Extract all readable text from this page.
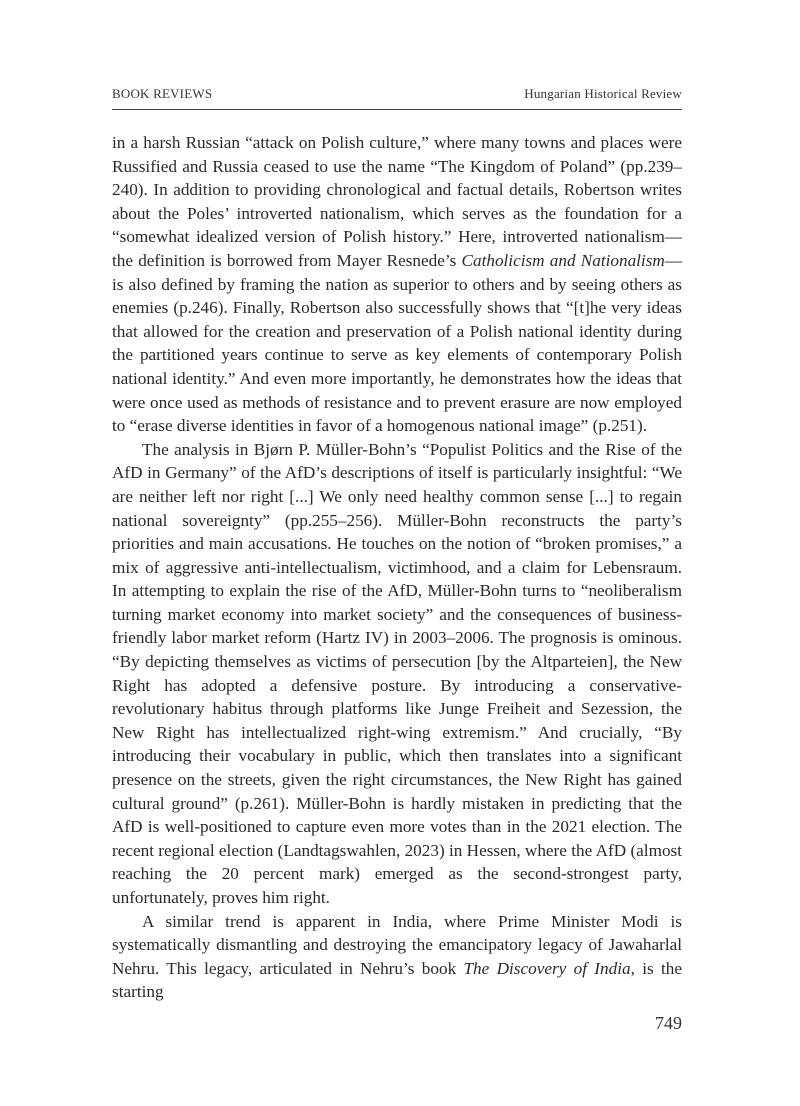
BOOK REVIEWS	Hungarian Historical Review

in a harsh Russian “attack on Polish culture,” where many towns and places were Russified and Russia ceased to use the name “The Kingdom of Poland” (pp.239–240). In addition to providing chronological and factual details, Robertson writes about the Poles’ introverted nationalism, which serves as the foundation for a “somewhat idealized version of Polish history.” Here, introverted nationalism—the definition is borrowed from Mayer Resnede’s Catholicism and Nationalism—is also defined by framing the nation as superior to others and by seeing others as enemies (p.246). Finally, Robertson also successfully shows that “[t]he very ideas that allowed for the creation and preservation of a Polish national identity during the partitioned years continue to serve as key elements of contemporary Polish national identity.” And even more importantly, he demonstrates how the ideas that were once used as methods of resistance and to prevent erasure are now employed to “erase diverse identities in favor of a homogenous national image” (p.251).

The analysis in Bjørn P. Müller-Bohn’s “Populist Politics and the Rise of the AfD in Germany” of the AfD’s descriptions of itself is particularly insightful: “We are neither left nor right [...] We only need healthy common sense [...] to regain national sovereignty” (pp.255–256). Müller-Bohn reconstructs the party’s priorities and main accusations. He touches on the notion of “broken promises,” a mix of aggressive anti-intellectualism, victimhood, and a claim for Lebensraum. In attempting to explain the rise of the AfD, Müller-Bohn turns to “neoliberalism turning market economy into market society” and the consequences of business-friendly labor market reform (Hartz IV) in 2003–2006. The prognosis is ominous. “By depicting themselves as victims of persecution [by the Altparteien], the New Right has adopted a defensive posture. By introducing a conservative-revolutionary habitus through platforms like Junge Freiheit and Sezession, the New Right has intellectualized right-wing extremism.” And crucially, “By introducing their vocabulary in public, which then translates into a significant presence on the streets, given the right circumstances, the New Right has gained cultural ground” (p.261). Müller-Bohn is hardly mistaken in predicting that the AfD is well-positioned to capture even more votes than in the 2021 election. The recent regional election (Landtagswahlen, 2023) in Hessen, where the AfD (almost reaching the 20 percent mark) emerged as the second-strongest party, unfortunately, proves him right.

A similar trend is apparent in India, where Prime Minister Modi is systematically dismantling and destroying the emancipatory legacy of Jawaharlal Nehru. This legacy, articulated in Nehru’s book The Discovery of India, is the starting

749
